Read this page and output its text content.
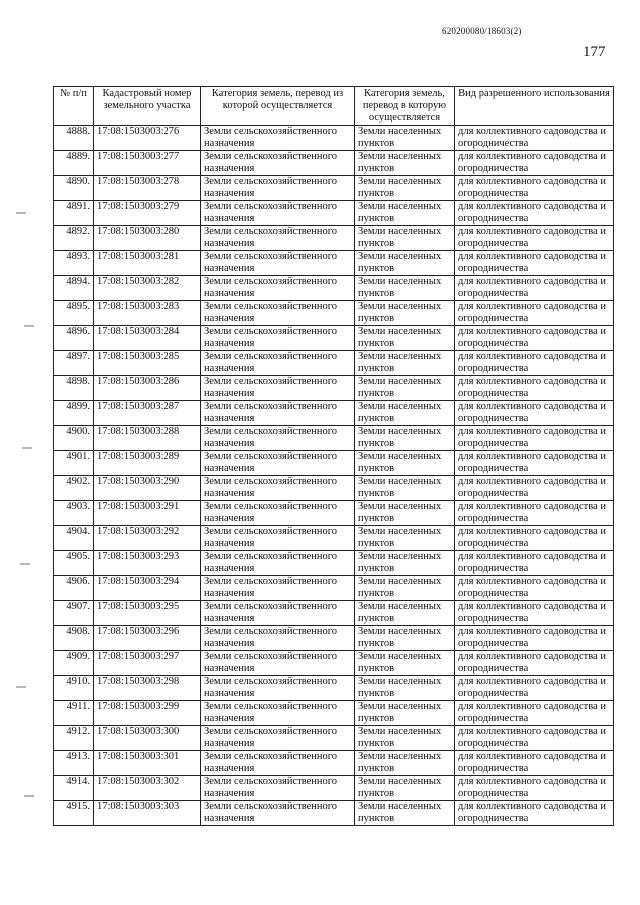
620200080/18603(2)
177
№ п/п	Кадастровый номер земельного участка	Категория земель, перевод из которой осуществляется	Категория земель, перевод в которую осуществляется	Вид разрешенного использования
4888.	17:08:1503003:276	Земли сельскохозяйственного назначения	Земли населенных пунктов	для коллективного садоводства и огородничества
4889.	17:08:1503003:277	Земли сельскохозяйственного назначения	Земли населенных пунктов	для коллективного садоводства и огородничества
4890.	17:08:1503003:278	Земли сельскохозяйственного назначения	Земли населенных пунктов	для коллективного садоводства и огородничества
4891.	17:08:1503003:279	Земли сельскохозяйственного назначения	Земли населенных пунктов	для коллективного садоводства и огородничества
4892.	17:08:1503003:280	Земли сельскохозяйственного назначения	Земли населенных пунктов	для коллективного садоводства и огородничества
4893.	17:08:1503003:281	Земли сельскохозяйственного назначения	Земли населенных пунктов	для коллективного садоводства и огородничества
4894.	17:08:1503003:282	Земли сельскохозяйственного назначения	Земли населенных пунктов	для коллективного садоводства и огородничества
4895.	17:08:1503003:283	Земли сельскохозяйственного назначения	Земли населенных пунктов	для коллективного садоводства и огородничества
4896.	17:08:1503003:284	Земли сельскохозяйственного назначения	Земли населенных пунктов	для коллективного садоводства и огородничества
4897.	17:08:1503003:285	Земли сельскохозяйственного назначения	Земли населенных пунктов	для коллективного садоводства и огородничества
4898.	17:08:1503003:286	Земли сельскохозяйственного назначения	Земли населенных пунктов	для коллективного садоводства и огородничества
4899.	17:08:1503003:287	Земли сельскохозяйственного назначения	Земли населенных пунктов	для коллективного садоводства и огородничества
4900.	17:08:1503003:288	Земли сельскохозяйственного назначения	Земли населенных пунктов	для коллективного садоводства и огородничества
4901.	17:08:1503003:289	Земли сельскохозяйственного назначения	Земли населенных пунктов	для коллективного садоводства и огородничества
4902.	17:08:1503003:290	Земли сельскохозяйственного назначения	Земли населенных пунктов	для коллективного садоводства и огородничества
4903.	17:08:1503003:291	Земли сельскохозяйственного назначения	Земли населенных пунктов	для коллективного садоводства и огородничества
4904.	17:08:1503003:292	Земли сельскохозяйственного назначения	Земли населенных пунктов	для коллективного садоводства и огородничества
4905.	17:08:1503003:293	Земли сельскохозяйственного назначения	Земли населенных пунктов	для коллективного садоводства и огородничества
4906.	17:08:1503003:294	Земли сельскохозяйственного назначения	Земли населенных пунктов	для коллективного садоводства и огородничества
4907.	17:08:1503003:295	Земли сельскохозяйственного назначения	Земли населенных пунктов	для коллективного садоводства и огородничества
4908.	17:08:1503003:296	Земли сельскохозяйственного назначения	Земли населенных пунктов	для коллективного садоводства и огородничества
4909.	17:08:1503003:297	Земли сельскохозяйственного назначения	Земли населенных пунктов	для коллективного садоводства и огородничества
4910.	17:08:1503003:298	Земли сельскохозяйственного назначения	Земли населенных пунктов	для коллективного садоводства и огородничества
4911.	17:08:1503003:299	Земли сельскохозяйственного назначения	Земли населенных пунктов	для коллективного садоводства и огородничества
4912.	17:08:1503003:300	Земли сельскохозяйственного назначения	Земли населенных пунктов	для коллективного садоводства и огородничества
4913.	17:08:1503003:301	Земли сельскохозяйственного назначения	Земли населенных пунктов	для коллективного садоводства и огородничества
4914.	17:08:1503003:302	Земли сельскохозяйственного назначения	Земли населенных пунктов	для коллективного садоводства и огородничества
4915.	17:08:1503003:303	Земли сельскохозяйственного назначения	Земли населенных пунктов	для коллективного садоводства и огородничества
